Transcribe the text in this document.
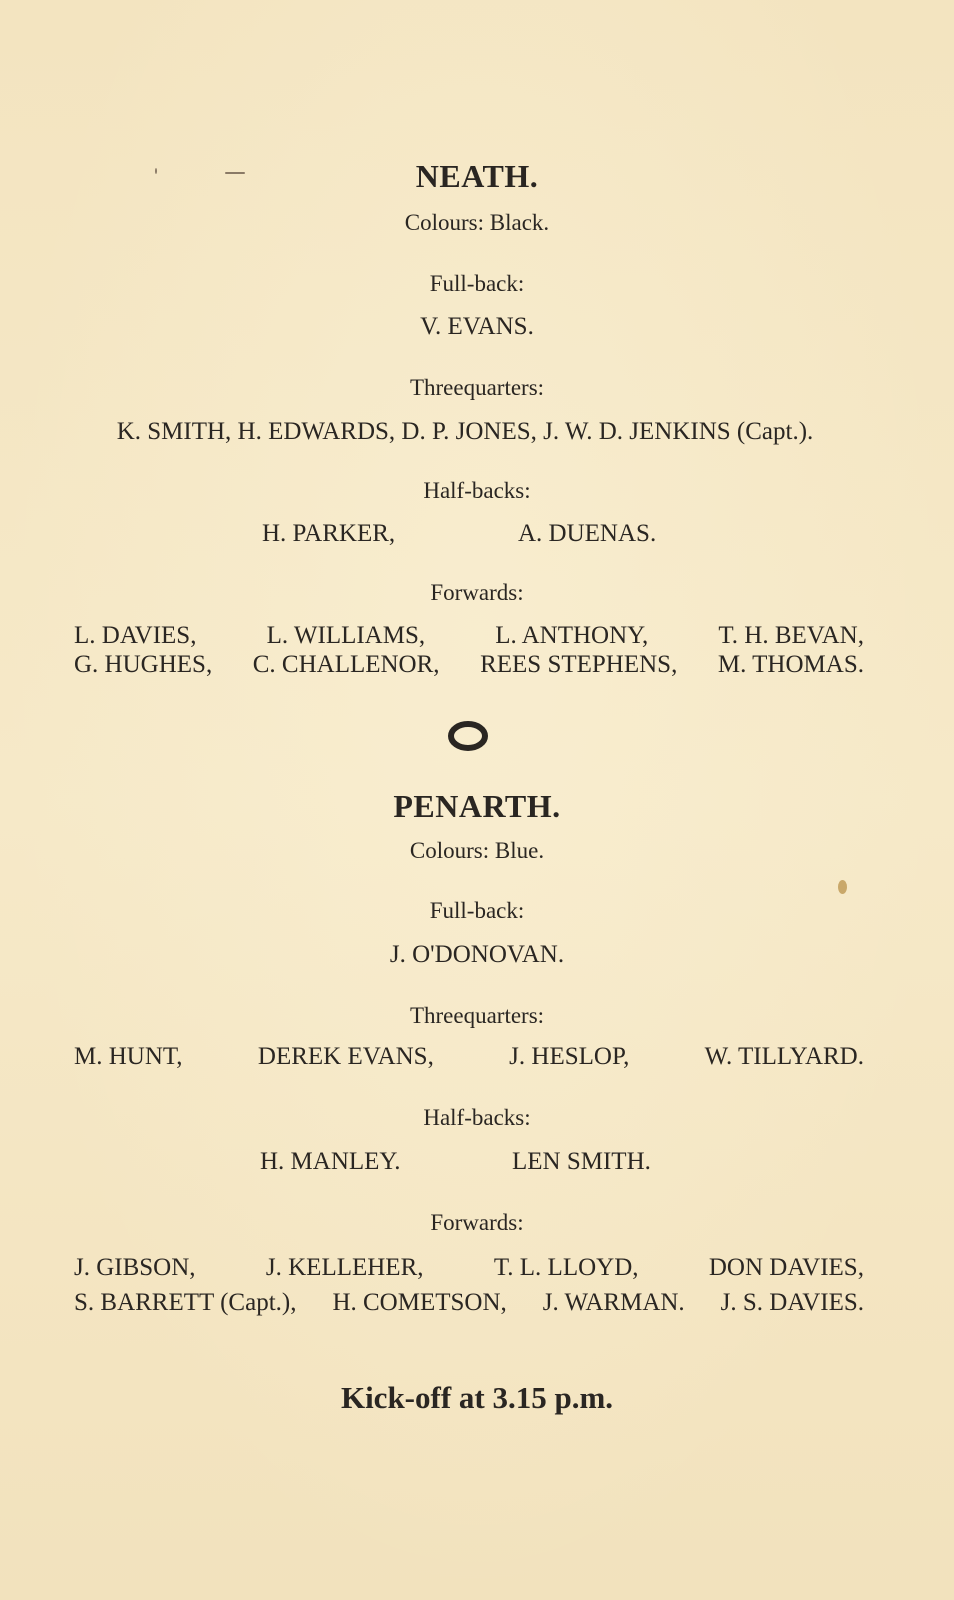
NEATH.
Colours: Black.
Full-back:
V. EVANS.
Threequarters:
K. SMITH, H. EDWARDS, D. P. JONES, J. W. D. JENKINS (Capt.).
Half-backs:
H. PARKER,	A. DUENAS.
Forwards:
L. DAVIES,	L. WILLIAMS,	L. ANTHONY,	T. H. BEVAN,
G. HUGHES, C. CHALLENOR, REES STEPHENS, M. THOMAS.
PENARTH.
Colours: Blue.
Full-back:
J. O'DONOVAN.
Threequarters:
M. HUNT,	DEREK EVANS,	J. HESLOP,	W. TILLYARD.
Half-backs:
H. MANLEY.	LEN SMITH.
Forwards:
J. GIBSON,	J. KELLEHER,	T. L. LLOYD,	DON DAVIES,
S. BARRETT (Capt.), H. COMETSON, J. WARMAN. J. S. DAVIES.
Kick-off at 3.15 p.m.
